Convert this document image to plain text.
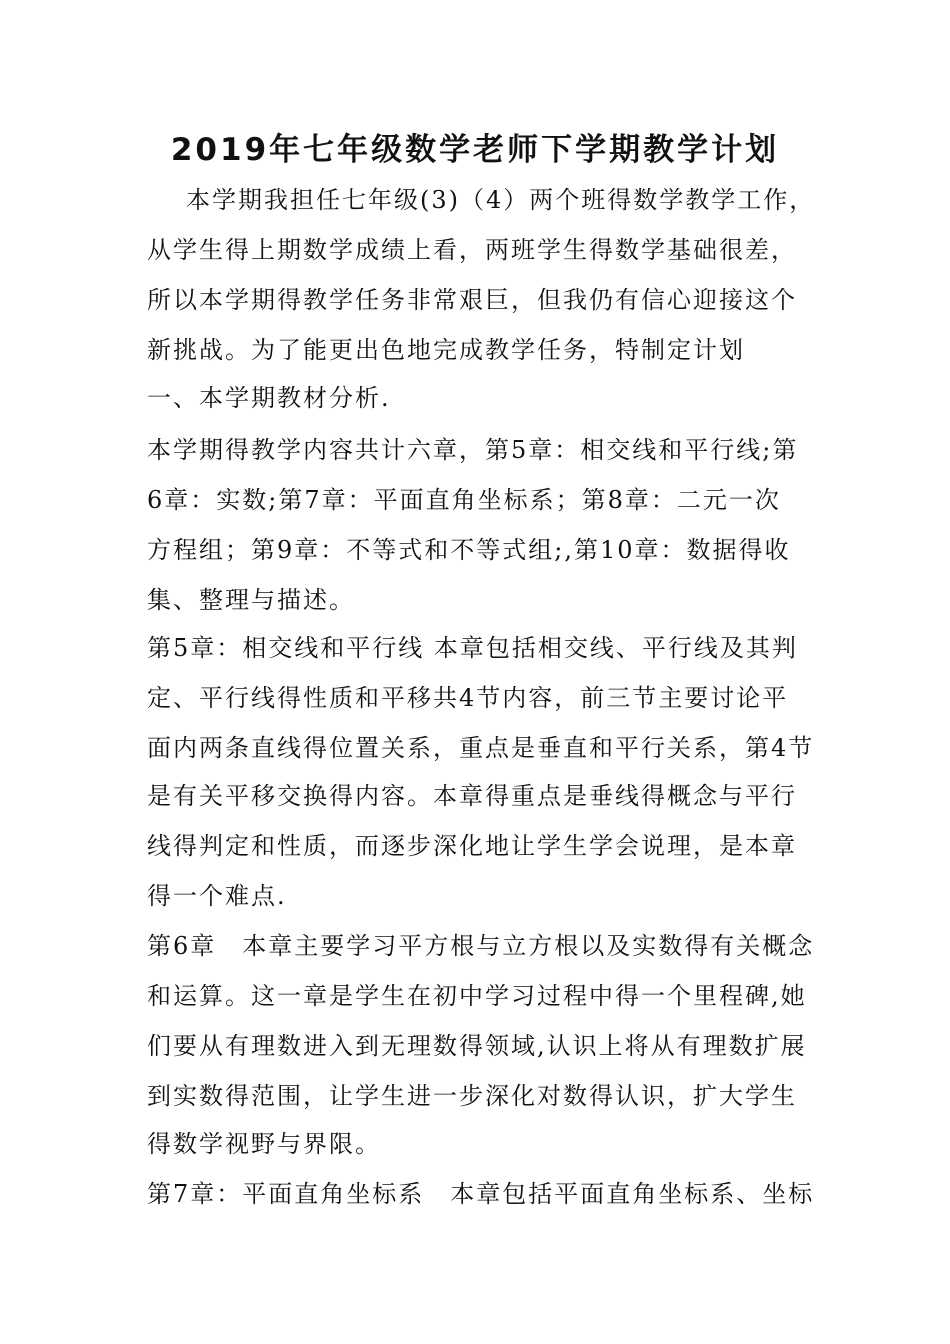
2019年七年级数学老师下学期教学计划
本学期我担任七年级(3)（4）两个班得数学教学工作，
从学生得上期数学成绩上看，两班学生得数学基础很差，
所以本学期得教学任务非常艰巨，但我仍有信心迎接这个
新挑战。为了能更出色地完成教学任务，特制定计划
一、本学期教材分析.
本学期得教学内容共计六章，第5章：相交线和平行线;第
6章：实数;第7章：平面直角坐标系；第8章：二元一次
方程组；第9章：不等式和不等式组;,第10章：数据得收
集、整理与描述。
第5章：相交线和平行线 本章包括相交线、平行线及其判
定、平行线得性质和平移共4节内容，前三节主要讨论平
面内两条直线得位置关系，重点是垂直和平行关系，第4节
是有关平移交换得内容。本章得重点是垂线得概念与平行
线得判定和性质，而逐步深化地让学生学会说理，是本章
得一个难点.
第6章　本章主要学习平方根与立方根以及实数得有关概念
和运算。这一章是学生在初中学习过程中得一个里程碑,她
们要从有理数进入到无理数得领域,认识上将从有理数扩展
到实数得范围，让学生进一步深化对数得认识，扩大学生
得数学视野与界限。
第7章：平面直角坐标系　本章包括平面直角坐标系、坐标
